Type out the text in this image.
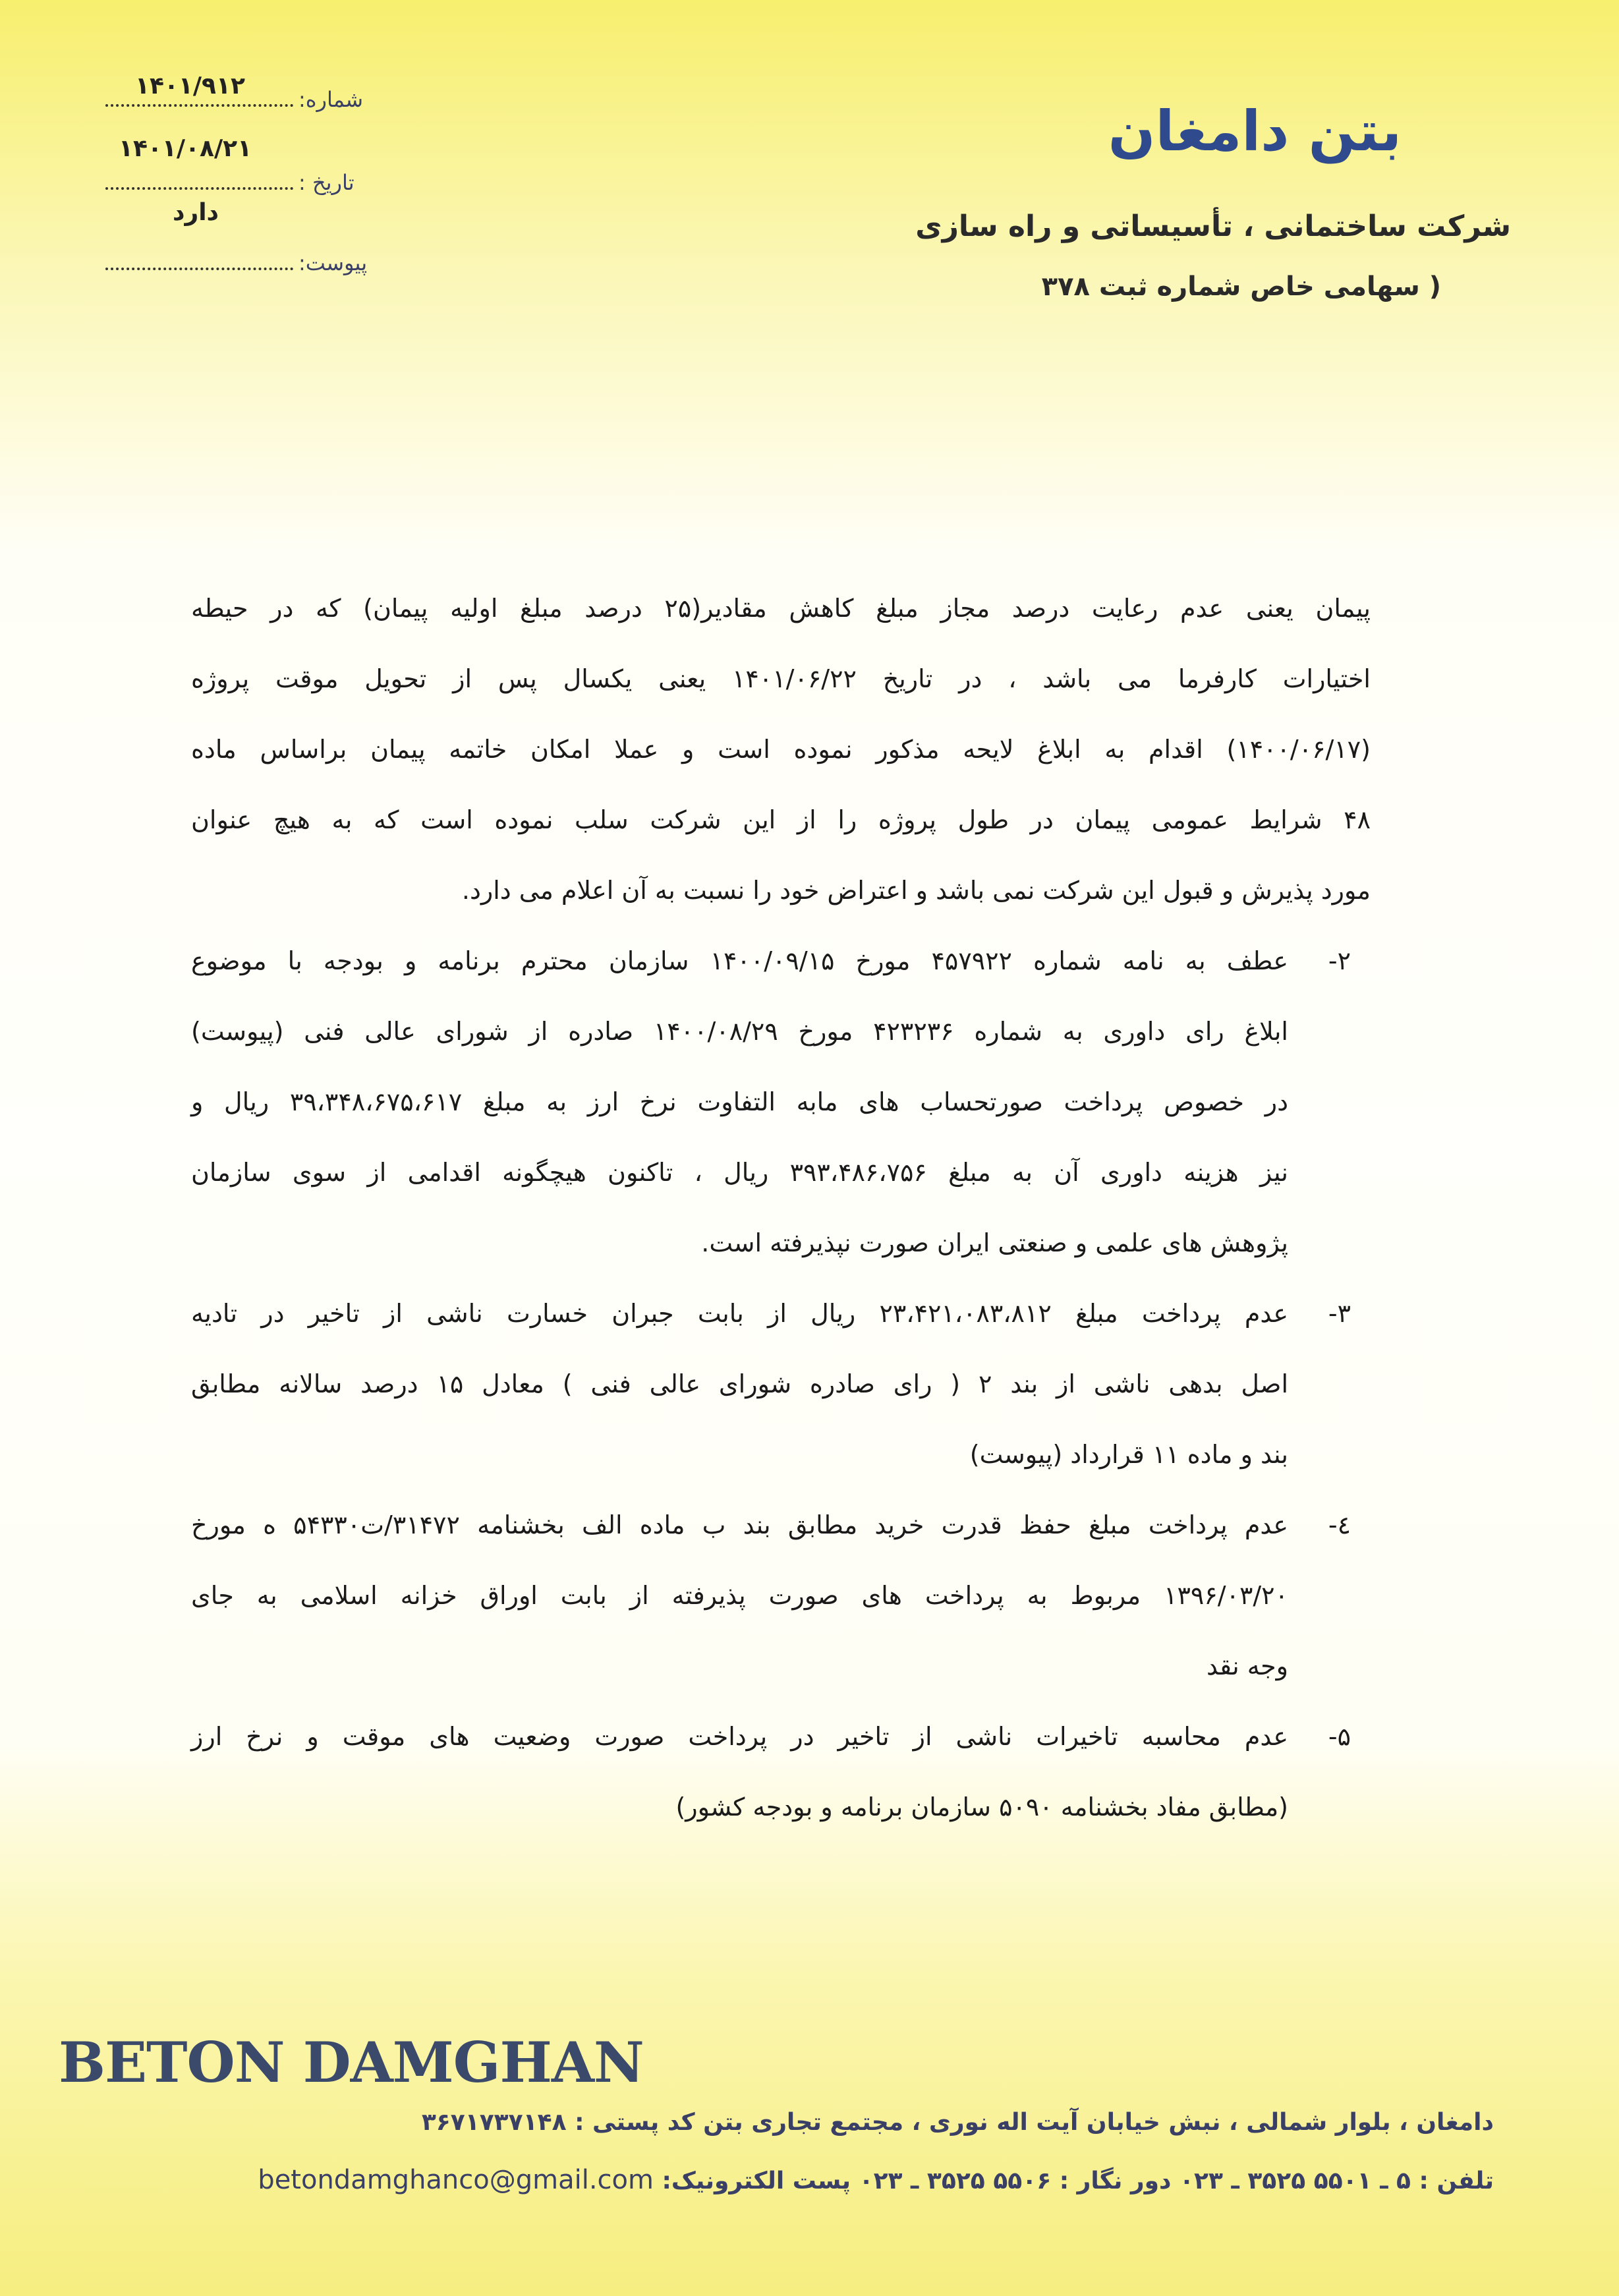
بتن دامغان
شرکت ساختمانی ، تأسیساتی و راه سازی
( سهامی خاص شماره ثبت ۳۷۸
۱۴۰۱/۹۱۲	شماره:
۱۴۰۱/۰۸/۲۱
تاریخ :
دارد
پیوست:
پیمان یعنی عدم رعایت درصد مجاز مبلغ کاهش مقادیر(۲۵ درصد مبلغ اولیه پیمان) که در حیطه
اختیارات کارفرما می باشد ، در تاریخ ۱۴۰۱/۰۶/۲۲ یعنی یکسال پس از تحویل موقت پروژه
(۱۴۰۰/۰۶/۱۷) اقدام به ابلاغ لایحه مذکور نموده است و عملا امکان خاتمه پیمان براساس ماده
۴۸ شرایط عمومی پیمان در طول پروژه را از این شرکت سلب نموده است که به هیچ عنوان
مورد پذیرش و قبول این شرکت نمی باشد و اعتراض خود را نسبت به آن اعلام می دارد.
۲-
عطف به نامه شماره ۴۵۷۹۲۲ مورخ ۱۴۰۰/۰۹/۱۵ سازمان محترم برنامه و بودجه با موضوع
ابلاغ رای داوری به شماره ۴۲۳۲۳۶ مورخ ۱۴۰۰/۰۸/۲۹ صادره از شورای عالی فنی (پیوست)
در خصوص پرداخت صورتحساب های مابه التفاوت نرخ ارز به مبلغ ۳۹،۳۴۸،۶۷۵،۶۱۷ ریال و
نیز هزینه داوری آن به مبلغ ۳۹۳،۴۸۶،۷۵۶ ریال ، تاکنون هیچگونه اقدامی از سوی سازمان
پژوهش های علمی و صنعتی ایران صورت نپذیرفته است.
۳-
عدم پرداخت مبلغ ۲۳،۴۲۱،۰۸۳،۸۱۲ ریال از بابت جبران خسارت ناشی از تاخیر در تادیه
اصل بدهی ناشی از بند ۲ ( رای صادره شورای عالی فنی ) معادل ۱۵ درصد سالانه مطابق
بند و ماده ۱۱ قرارداد (پیوست)
٤-
عدم پرداخت مبلغ حفظ قدرت خرید مطابق بند ب ماده الف بخشنامه ۳۱۴۷۲/ت۵۴۳۳۰ ه مورخ
۱۳۹۶/۰۳/۲۰ مربوط به پرداخت های صورت پذیرفته از بابت اوراق خزانه اسلامی به جای
وجه نقد
۵-
عدم محاسبه تاخیرات ناشی از تاخیر در پرداخت صورت وضعیت های موقت و نرخ ارز
(مطابق مفاد بخشنامه ۵۰۹۰ سازمان برنامه و بودجه کشور)
BETON DAMGHAN
دامغان ، بلوار شمالی ، نبش خیابان آیت اله نوری ، مجتمع تجاری بتن کد پستی : ۳۶۷۱۷۳۷۱۴۸
تلفن : ۵ ـ ۵۵۰۱ ۳۵۲۵ ـ ۰۲۳ دور نگار : ۵۵۰۶ ۳۵۲۵ ـ ۰۲۳ پست الکترونیک: betondamghanco@gmail.com
